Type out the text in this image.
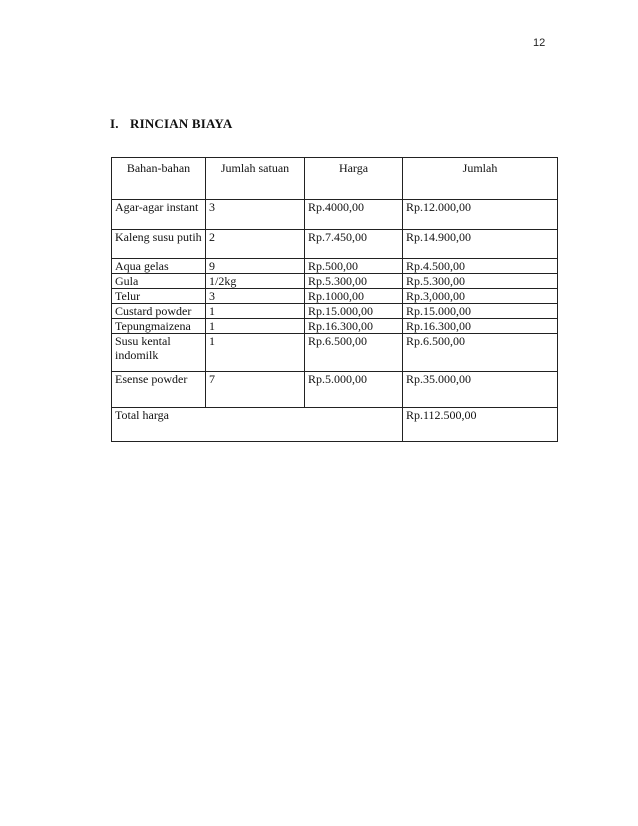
12
I. RINCIAN BIAYA
Bahan-bahan	Jumlah satuan	Harga	Jumlah
Agar-agar instant	3	Rp.4000,00	Rp.12.000,00
Kaleng susu putih	2	Rp.7.450,00	Rp.14.900,00
Aqua gelas	9	Rp.500,00	Rp.4.500,00
Gula	1/2kg	Rp.5.300,00	Rp.5.300,00
Telur	3	Rp.1000,00	Rp.3,000,00
Custard powder	1	Rp.15.000,00	Rp.15.000,00
Tepungmaizena	1	Rp.16.300,00	Rp.16.300,00
Susu kental indomilk	1	Rp.6.500,00	Rp.6.500,00
Esense powder	7	Rp.5.000,00	Rp.35.000,00
Total harga			Rp.112.500,00
